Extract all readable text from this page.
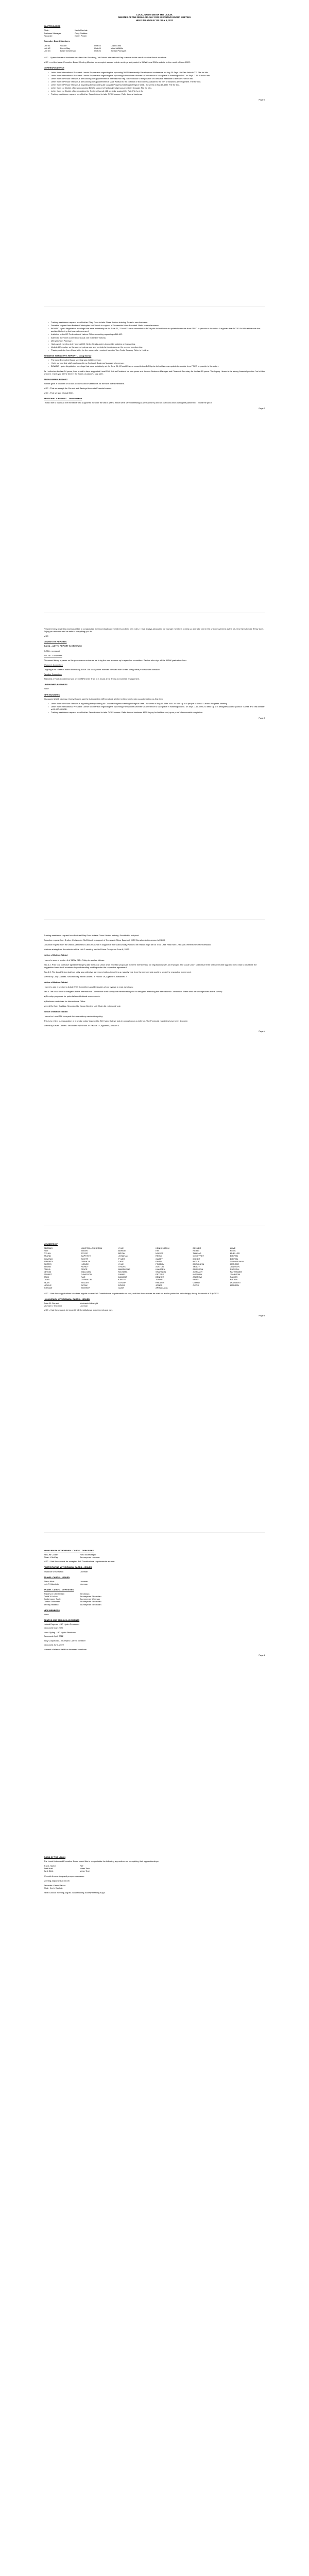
LOCAL UNION 258 OF THE I.B.E.W.
MINUTES OF THE REGULAR JULY 2022 EXECUTIVE BOARD MEETING
HELD IN LANGLEY ON JULY 5, 2022
IN ATTENDANCE
Chair:	Kevin Duchak
Business Manager:	Cody Gaddas
Recorder:	Karen Parker
Executive Board Members:
Unit #1	Vacant	Unit #4	Lloyd Clark
Unit #2	Derek May	Unit #5	Mike McMillin
Unit #3	Brian Gieserman	Unit #6	Jordan Plonsgart
MSC - Opened order of business for Adam Van Steinburg, 1st District International Rep to swear in the new Executive Board members.
MSC – not the issue. Executive Board Meeting Minutes be accepted as read out at meetings and posted to IBEW Local 258's website in the month of June 2022.
CORRESPONDENCE
• Letter from International President Lonnie Stephenson regarding the upcoming 2022 Membership Development conference on Aug 30-Sept 1 in San Antonio TX. File for Info.
• Letter from International President Lonnie Stephenson regarding the upcoming International Women's Conference to take place in Washington D.C. on Sept. 7-10. File for Info.
• Letter from IVP Russ Shewchuk announcing the appointment of International Rep. Mike vdBoss to the position of Executive Assistant to the IVP. File for info.
• Letter from IVP Russ Shewchuk announcing the appointment of Mark Watson to the position of Executive Assistant to the IVP of Business Development. File for info.
• Letter from IVP Russ Shewchuk regarding the upcoming All Canada Progress Meeting in Regina Sask., the week of Aug 15-18th. File for info.
• Letter from 1st District office announcing IBEW's support of National Indigenous month in Canada. File for info.
• Letter from 1st District office regarding the System Council #11 on strike against CN Rail. File for info.
• Training assistance request from Brother Sean Koland to take OFA 2 course. Refer to new business.
Page 1
• Training assistance request from Brother Riley Ross to take Class II driver training. Refer to new business.
• Donation request from Brother Christopher McClintock in support of Oceanside Minor Baseball. Refer to new business.
• BKW/BC Hydro Negotiation meetings that were tentatively set for June 21, 22 and 23 were cancelled as BC Hydro did not have an updated mandate from PSEC to provide to the union. It appears that BCGEU's 99% strike vote has assisted in having that mandate renewed.
• Invitation to the BC Federation of Labour Officers meeting regarding a Bill 400.
• Attended the Youth Conference Local 230 hosted in Victoria.
• Met with Tom Paterson.
• Had a work meeting to try and get BC Hydro Headquarters to provide updates on bargaining.
• Updated Executive on the current grievances and provided a breakdown on the current membership.
• Thank you letter from Ciara Miller for the money she received from the Tom Fortin Bursary. Refer to Hotline.
BUSINESS MANAGER'S REPORT – Doug McKay
• The June Executive Board Meeting was held in person.
• I held our monthly staff meeting with my Assistant Business Managers in person.
• BKW/BC Hydro Negotiation meetings that were tentatively set for June 21, 22 and 23 were cancelled as BC Hydro did not have an updated mandate from PSEC to provide to the union.
As I reflect on the last 24 years, I am proud to have supported Local 258; first as President for nine years and then as Business Manager and Financial Secretary for the last 15 years. The legacy I leave is the strong financial position I've left the union in. I wish you all the best in the future, as always, stay safe.
TREASURER'S REPORT
Bonnie gave a rundown of all our accounts and investments for the new board members.
MSC - That we accept the Current and Savings Accounts Financial control.
MSC - That we pay Mutual Billet.
PRESIDENT'S REPORT – Dave McMinn
I would like to thank all the members who supported me over the last 4 years, which were very interesting as we had to try and run our local union during the pandemic. I found the job of
Page 2
President very rewarding and would like to congratulate the incoming board members on their new roles. I have always advocated for younger members to step up and take part in the union movement as the future is theirs to lose if they don't. Enjoy your summer and be safe in everything you do.
MSC
COMMITTEE REPORTS
JLATA – A&TTC REPORT for IBEW 258
JLATA - no report
JETTBC Committee
Discussed taking a pause on the governance review as we bring the new sponsor up to speed on committee. Review who sign off the IBEW graduation form.
Women's Committee
Ongoing fund raiser of bottle drive using IBEW 258 local phone number. Involved with United Way partial process with donation.
Resolve Committee
Attended a Youth Conference put on by IBEW 230. Train in a broad area. Trying to increase engagement.
UNFINISHED BUSINESS
None
NEW BUSINESS
Discussed Unit 1 vacancy. Corey Higgins said he is interested. Will send out a letter inviting him to join us and meeting as first item.
• Letter from IVP Russ Shewchuk regarding the upcoming All Canada Progress Meeting in Regina Sask., the week of Aug 15-18th. MSC to take up to 8 people to the All Canada Progress Meeting.
• Letter from International President Lonnie Stephenson regarding the upcoming International Women's Conference to take place in Washington D.C. on Sept. 7-10. MSC to send up to 4 delegates and to sponsor "Coffee and Tea Breaks" at $1000.00 USD.
• Training assistance request from Brother Sean Koland to take OFA 2 course. Refer to new business. MSC to pay for half the cost, upon proof of successful completion.
Page 3
Training assistance request from Brother Riley Ross to take Class II driver training. Provided to recipient.
Donation request from Brother Christopher McClintock in support of Oceanside Minor Baseball. MSC Donation in the amount of $500.
Donation request from the Vancouver District Labour Council in support of their Labour Day Picnic to be held on Sept 5th at Trout Lake Park from 12 to 4pm. Refer for more information.
Motions arising from the minutes of the Unit 2 meeting held in Prince George on June 8, 2022.
Notice of Motion: Tabled
I move to amend section 4 of IBEW 258's Policy to read as follows:
Sec.4.2. Prior to a collective agreement expiry date the Local Union shall entertain proposals from the membership for negotiations with an employer. The Local Union shall utilize their website/mobile app and the e-mail to distribute the suggestion forms to all members in good standing working under the respective agreement.
Sec.4.3. The Local Union shall not ratify any collective agreement without receiving a majority vote from the membership working under the respective agreement.
Moved By Cody Gaddas. Seconded by Kevin Daniels. In Favour 19, Against 0, Abstained 2.
Notice of Motion: Tabled
I move to add a section to Article V(1) Committees and Delegates of our bylaws to read as follows:
Sec.3 The local union's delegates to the International Convention shall survey the membership prior to delegates attending the International Convention. There shall be two objectives to the survey:
a) Develop proposals for potential constitutional amendments.
b) Endorse candidates for International Office.
Moved By Cody Gaddas. Seconded by Kevan Daniels Unit Chair did not record vote.
Notice of Motion: Tabled
I move for Local 258 to repeal their mandatory vaccination policy.
This is to reflect our separation of a similar policy imposed by BC Hydro that we took in opposition as a defence. The Provincial mandates have been dropped.
Moved by Kevan Daniels. Seconded by D.Ross. In Favour 12, Against 5, Abstain 3.
Page 4
MEMBERSHIP
ABRAMS	LAMPSON-GUNESON	KYLE	KENNINGTON	BEHLER	LOVE
ROY	MEIER	BERNIE	FAT	REIHN	REES
DYLAN	JOYCE	BRYAN	NOISES	THANAS	MUELLER
BRAND	BAPTISTE	JOHAHAN	REHLY	GEOFFREY	BROWN
DOMINIC	SCOTT	TYLER	CAREY	DUNEZ	BROWN
JEFFREY	CRAW JR	CHAD	EWELL	KAYLA	CUNNINGHAM
CURTIS	HODGE	KYLE	FORDRY	BROOKLYN	MERCER
TEGAN	NORDY	TRAVIS	ALSTON	TRACY	JANSSEN
PAULA	PRICE	MADELEINE	KLASSEN	BRANDON	RUSSELL
DEVON	MILLIGAN	MICHAEL	SHANNON	JORDANY	PATTENDEN
STUART	DAVIDSON	DANIEL	PETERS	NORMAN	JOHNSON
JACK	RAE	DAMARA	BENNER	ANDREW	RAMOS
DANA	GERRATIN	KAYLEE	TUNNELL	BRAD	NADON
SEAN	SUZUKI	TAYLOR	RHODES	GRANT	DOUMONT
NICOLE	SCOW	DORIS	JONES	GEOS	MANSEN
JORDAN	BOWKER	QUAN	ARRIAGADA
MSC – that these applications take their regular course if all Constitutional requirements are met, and that these names be read out and/or posted on website/app during the month of July 2022.
HONOURARY WITHDRAWAL CARDS – ISSUED
Brian EL Dorand	Mechanic-Millwright
Michael C Tenpenni	Lineman
MSC – that these cards be issued if all Constitutional requirements are met.
Page 5
HONOURARY WITHDRAWAL CARDS – DEPOSITED
Kels JM Coulter	Field Storekeeper
Stuart L McKay	Journeyman Lineman
MSC – that these cards be accepted if all Constitutional requirements are met.
PARTICIPATING WITHDRAWAL CARDS – ISSUED
Shannon W Sewchuk	Lineman
TRAVEL CARDS – ISSUED
Shron Kilds	Lineman
Luis R Valentain	Lineman
TRAVEL CARDS – DEPOSITED
Bradley G Christensen	Electrician
David V Kr Lee	Journeyman Electrician
Curtis Lowry Scott	Journeyman Wireman
Clinton Grinshead	Journeyman Electrician
Jeremy Hillsend	Journeyman Electrician
NEW MEMBERS
None
DEATHS AND SERIOUS ACCIDENTS
Leland Engman – BC Hydro Pensioner
Deceased May, 2022
Hans Opting – BC Hydro Pensioner
Deceased April, 2022
Jody Colquhoun – BC Hydro Current Member
Deceased June, 2022
Moment of silence held for deceased members.
Page 6
GOOD OF THE UNION
The Local Union and Executive Board would like to congratulate the following apprentices on completing their apprenticeships:
Travis Hoebe	PLT
Brett Hoel	Meter Tech
Janit Stibit	Meter Tech
We wish them a long and prosperous career.
Meeting adjourned at: 16:05
Recorder: Karen Parker
Chair: Kevin Duchak
Next E-Board meeting August 3 and Holding Society meeting Aug 4
